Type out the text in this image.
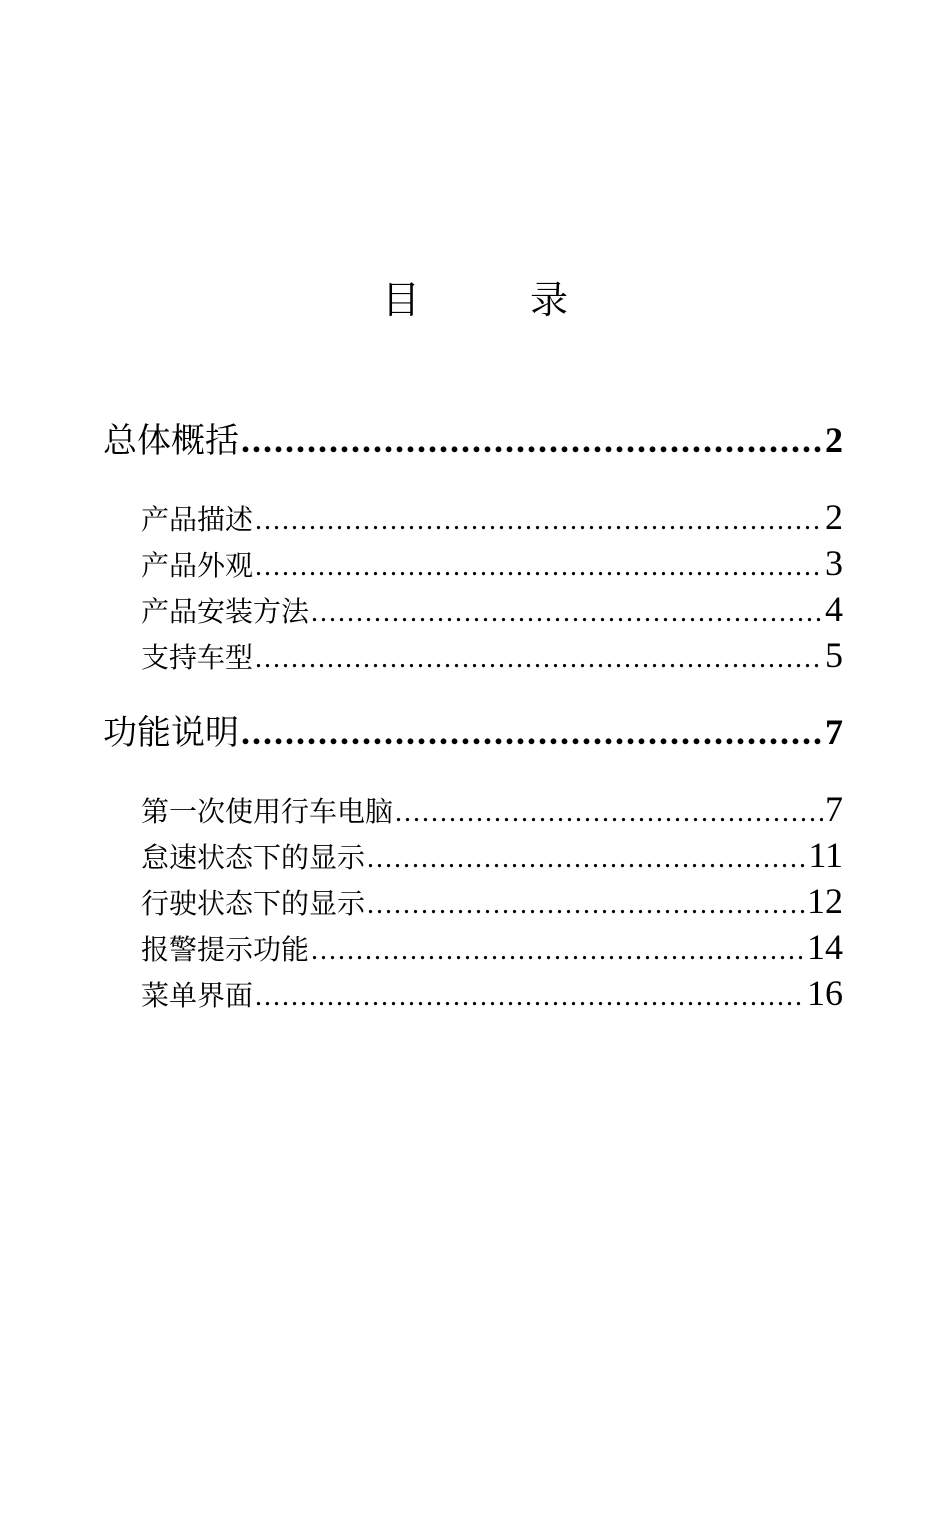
目	录
总体概括 .....	2
产品描述 .....	2
产品外观 .....	3
产品安装方法 .....	4
支持车型 .....	5
功能说明 .....	7
第一次使用行车电脑 .....	7
怠速状态下的显示 .....	11
行驶状态下的显示 .....	12
报警提示功能 .....	14
菜单界面 .....	16
